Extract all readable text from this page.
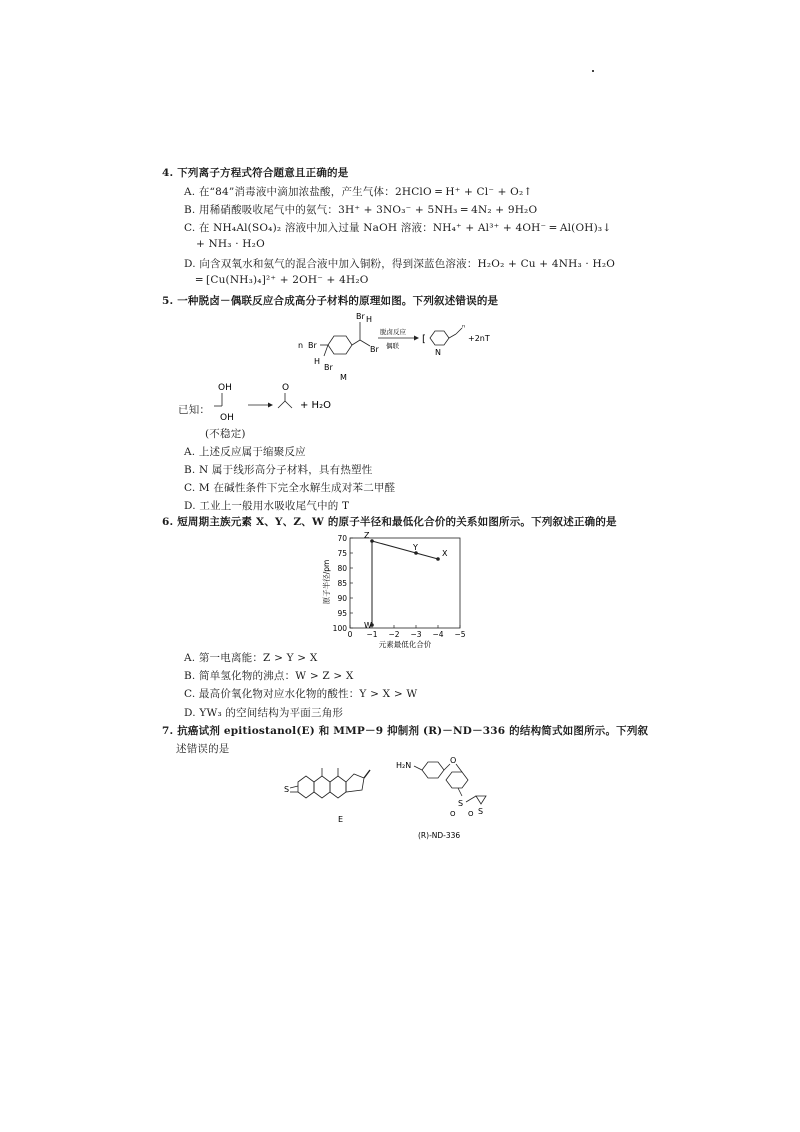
4. 下列离子方程式符合题意且正确的是
A. 在“84”消毒液中滴加浓盐酸，产生气体：2HClO ═ H⁺ + Cl⁻ + O₂↑
B. 用稀硝酸吸收尾气中的氨气：3H⁺ + 3NO₃⁻ + 5NH₃ ═ 4N₂ + 9H₂O
C. 在 NH₄Al(SO₄)₂ 溶液中加入过量 NaOH 溶液：NH₄⁺ + Al³⁺ + 4OH⁻ ═ Al(OH)₃↓
+ NH₃ · H₂O
D. 向含双氧水和氨气的混合液中加入铜粉，得到深蓝色溶液：H₂O₂ + Cu + 4NH₃ · H₂O
═ [Cu(NH₃)₄]²⁺ + 2OH⁻ + 4H₂O
5. 一种脱卤－偶联反应合成高分子材料的原理如图。下列叙述错误的是
n Br
Br H
Br
H
Br
M
脱卤反应
偶联
[
ⁿ
N
+2nT
已知：
OH
OH
O
+ H₂O
(不稳定)
A. 上述反应属于缩聚反应
B. N 属于线形高分子材料，具有热塑性
C. M 在碱性条件下完全水解生成对苯二甲醛
D. 工业上一般用水吸收尾气中的 T
6. 短周期主族元素 X、Y、Z、W 的原子半径和最低化合价的关系如图所示。下列叙述正确的是
70
75
80
85
90
95
100
0 −1 −2 −3 −4 −5
Z
W
Y
X
原子半径/pm
元素最低化合价
A. 第一电离能：Z > Y > X
B. 简单氢化物的沸点：W > Z > X
C. 最高价氧化物对应水化物的酸性：Y > X > W
D. YW₃ 的空间结构为平面三角形
7. 抗癌试剂 epitiostanol(E) 和 MMP－9 抑制剂 (R)－ND－336 的结构简式如图所示。下列叙
述错误的是
S
E
H₂N
O
S
O O S
(R)-ND-336
